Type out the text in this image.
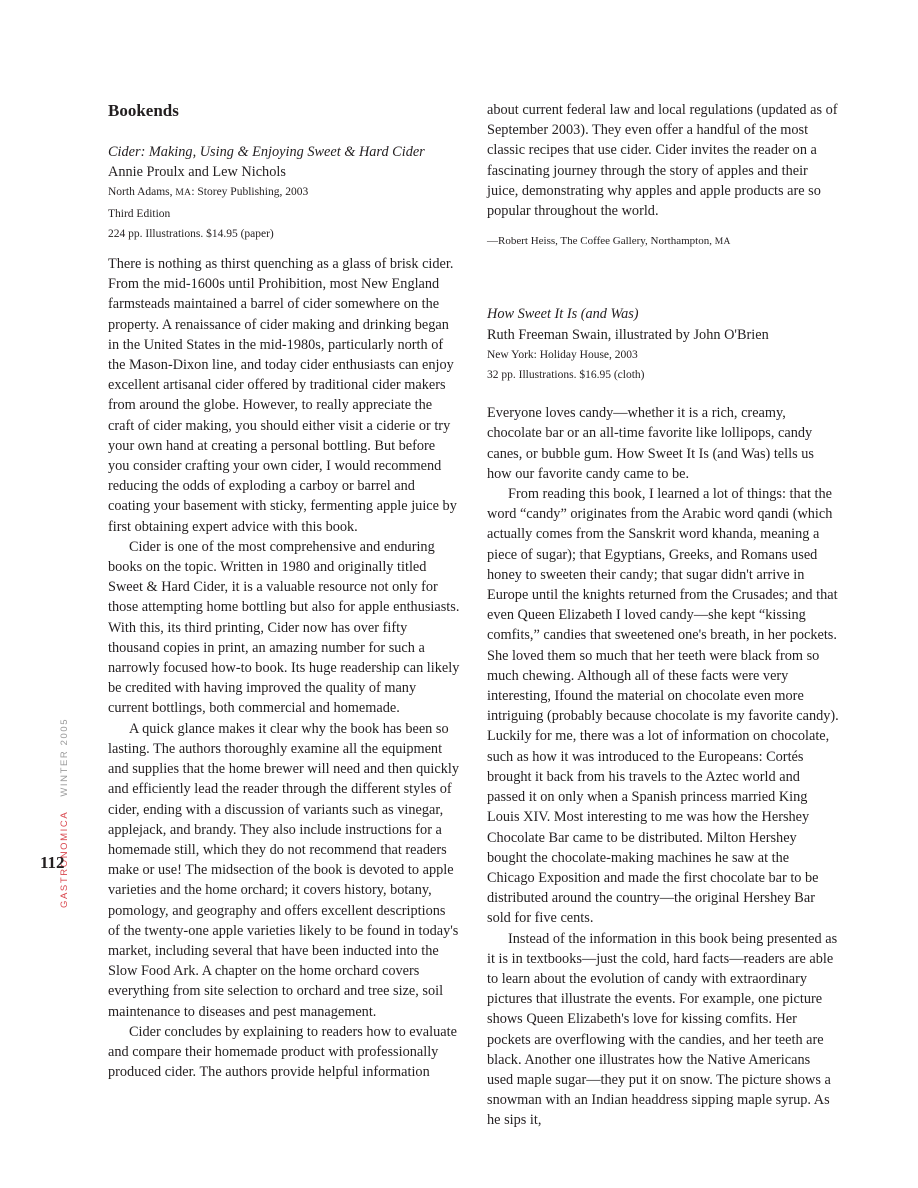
GASTRONOMICAWINTER 2005
112
Bookends
Cider: Making, Using & Enjoying Sweet & Hard Cider
Annie Proulx and Lew Nichols
North Adams, MA: Storey Publishing, 2003
Third Edition
224 pp. Illustrations. $14.95 (paper)

There is nothing as thirst quenching as a glass of brisk cider. From the mid-1600s until Prohibition, most New England farmsteads maintained a barrel of cider somewhere on the property. A renaissance of cider making and drinking began in the United States in the mid-1980s, particularly north of the Mason-Dixon line, and today cider enthusiasts can enjoy excellent artisanal cider offered by traditional cider makers from around the globe. However, to really appreciate the craft of cider making, you should either visit a ciderie or try your own hand at creating a personal bottling. But before you consider crafting your own cider, I would recommend reducing the odds of exploding a carboy or barrel and coating your basement with sticky, fermenting apple juice by first obtaining expert advice with this book.

Cider is one of the most comprehensive and enduring books on the topic. Written in 1980 and originally titled Sweet & Hard Cider, it is a valuable resource not only for those attempting home bottling but also for apple enthusiasts. With this, its third printing, Cider now has over fifty thousand copies in print, an amazing number for such a narrowly focused how-to book. Its huge readership can likely be credited with having improved the quality of many current bottlings, both commercial and homemade.

A quick glance makes it clear why the book has been so lasting. The authors thoroughly examine all the equipment and supplies that the home brewer will need and then quickly and efficiently lead the reader through the different styles of cider, ending with a discussion of variants such as vinegar, applejack, and brandy. They also include instructions for a homemade still, which they do not recommend that readers make or use! The midsection of the book is devoted to apple varieties and the home orchard; it covers history, botany, pomology, and geography and offers excellent descriptions of the twenty-one apple varieties likely to be found in today's market, including several that have been inducted into the Slow Food Ark. A chapter on the home orchard covers everything from site selection to orchard and tree size, soil maintenance to diseases and pest management.

Cider concludes by explaining to readers how to evaluate and compare their homemade product with professionally produced cider. The authors provide helpful information

about current federal law and local regulations (updated as of September 2003). They even offer a handful of the most classic recipes that use cider. Cider invites the reader on a fascinating journey through the story of apples and their juice, demonstrating why apples and apple products are so popular throughout the world.

—Robert Heiss, The Coffee Gallery, Northampton, MA

How Sweet It Is (and Was)
Ruth Freeman Swain, illustrated by John O'Brien
New York: Holiday House, 2003
32 pp. Illustrations. $16.95 (cloth)

Everyone loves candy—whether it is a rich, creamy, chocolate bar or an all-time favorite like lollipops, candy canes, or bubble gum. How Sweet It Is (and Was) tells us how our favorite candy came to be.

From reading this book, I learned a lot of things: that the word “candy” originates from the Arabic word qandi (which actually comes from the Sanskrit word khanda, meaning a piece of sugar); that Egyptians, Greeks, and Romans used honey to sweeten their candy; that sugar didn't arrive in Europe until the knights returned from the Crusades; and that even Queen Elizabeth I loved candy—she kept “kissing comfits,” candies that sweetened one's breath, in her pockets. She loved them so much that her teeth were black from so much chewing. Although all of these facts were very interesting, Ifound the material on chocolate even more intriguing (probably because chocolate is my favorite candy). Luckily for me, there was a lot of information on chocolate, such as how it was introduced to the Europeans: Cortés brought it back from his travels to the Aztec world and passed it on only when a Spanish princess married King Louis XIV. Most interesting to me was how the Hershey Chocolate Bar came to be distributed. Milton Hershey bought the chocolate-making machines he saw at the Chicago Exposition and made the first chocolate bar to be distributed around the country—the original Hershey Bar sold for five cents.

Instead of the information in this book being presented as it is in textbooks—just the cold, hard facts—readers are able to learn about the evolution of candy with extraordinary pictures that illustrate the events. For example, one picture shows Queen Elizabeth's love for kissing comfits. Her pockets are overflowing with the candies, and her teeth are black. Another one illustrates how the Native Americans used maple sugar—they put it on snow. The picture shows a snowman with an Indian headdress sipping maple syrup. As he sips it,
